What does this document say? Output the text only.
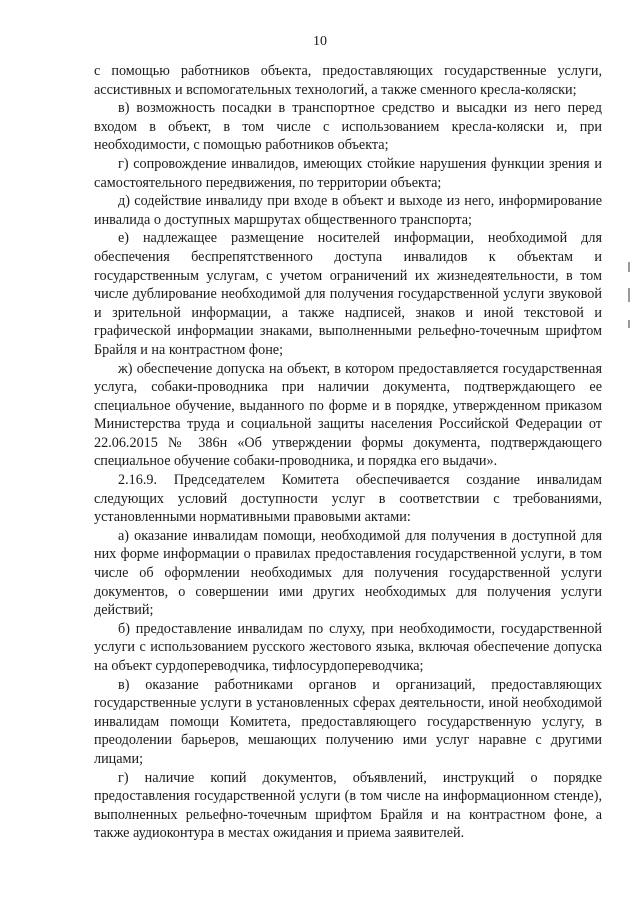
10

с помощью работников объекта, предоставляющих государственные услуги, ассистивных и вспомогательных технологий, а также сменного кресла-коляски;

в) возможность посадки в транспортное средство и высадки из него перед входом в объект, в том числе с использованием кресла-коляски и, при необходимости, с помощью работников объекта;

г) сопровождение инвалидов, имеющих стойкие нарушения функции зрения и самостоятельного передвижения, по территории объекта;

д) содействие инвалиду при входе в объект и выходе из него, информирование инвалида о доступных маршрутах общественного транспорта;

е) надлежащее размещение носителей информации, необходимой для обеспечения беспрепятственного доступа инвалидов к объектам и государственным услугам, с учетом ограничений их жизнедеятельности, в том числе дублирование необходимой для получения государственной услуги звуковой и зрительной информации, а также надписей, знаков и иной текстовой и графической информации знаками, выполненными рельефно-точечным шрифтом Брайля и на контрастном фоне;

ж) обеспечение допуска на объект, в котором предоставляется государственная услуга, собаки-проводника при наличии документа, подтверждающего ее специальное обучение, выданного по форме и в порядке, утвержденном приказом Министерства труда и социальной защиты населения Российской Федерации от 22.06.2015 № 386н «Об утверждении формы документа, подтверждающего специальное обучение собаки-проводника, и порядка его выдачи».

2.16.9. Председателем Комитета обеспечивается создание инвалидам следующих условий доступности услуг в соответствии с требованиями, установленными нормативными правовыми актами:

а) оказание инвалидам помощи, необходимой для получения в доступной для них форме информации о правилах предоставления государственной услуги, в том числе об оформлении необходимых для получения государственной услуги документов, о совершении ими других необходимых для получения услуги действий;

б) предоставление инвалидам по слуху, при необходимости, государственной услуги с использованием русского жестового языка, включая обеспечение допуска на объект сурдопереводчика, тифлосурдопереводчика;

в) оказание работниками органов и организаций, предоставляющих государственные услуги в установленных сферах деятельности, иной необходимой инвалидам помощи Комитета, предоставляющего государственную услугу, в преодолении барьеров, мешающих получению ими услуг наравне с другими лицами;

г) наличие копий документов, объявлений, инструкций о порядке предоставления государственной услуги (в том числе на информационном стенде), выполненных рельефно-точечным шрифтом Брайля и на контрастном фоне, а также аудиоконтура в местах ожидания и приема заявителей.
